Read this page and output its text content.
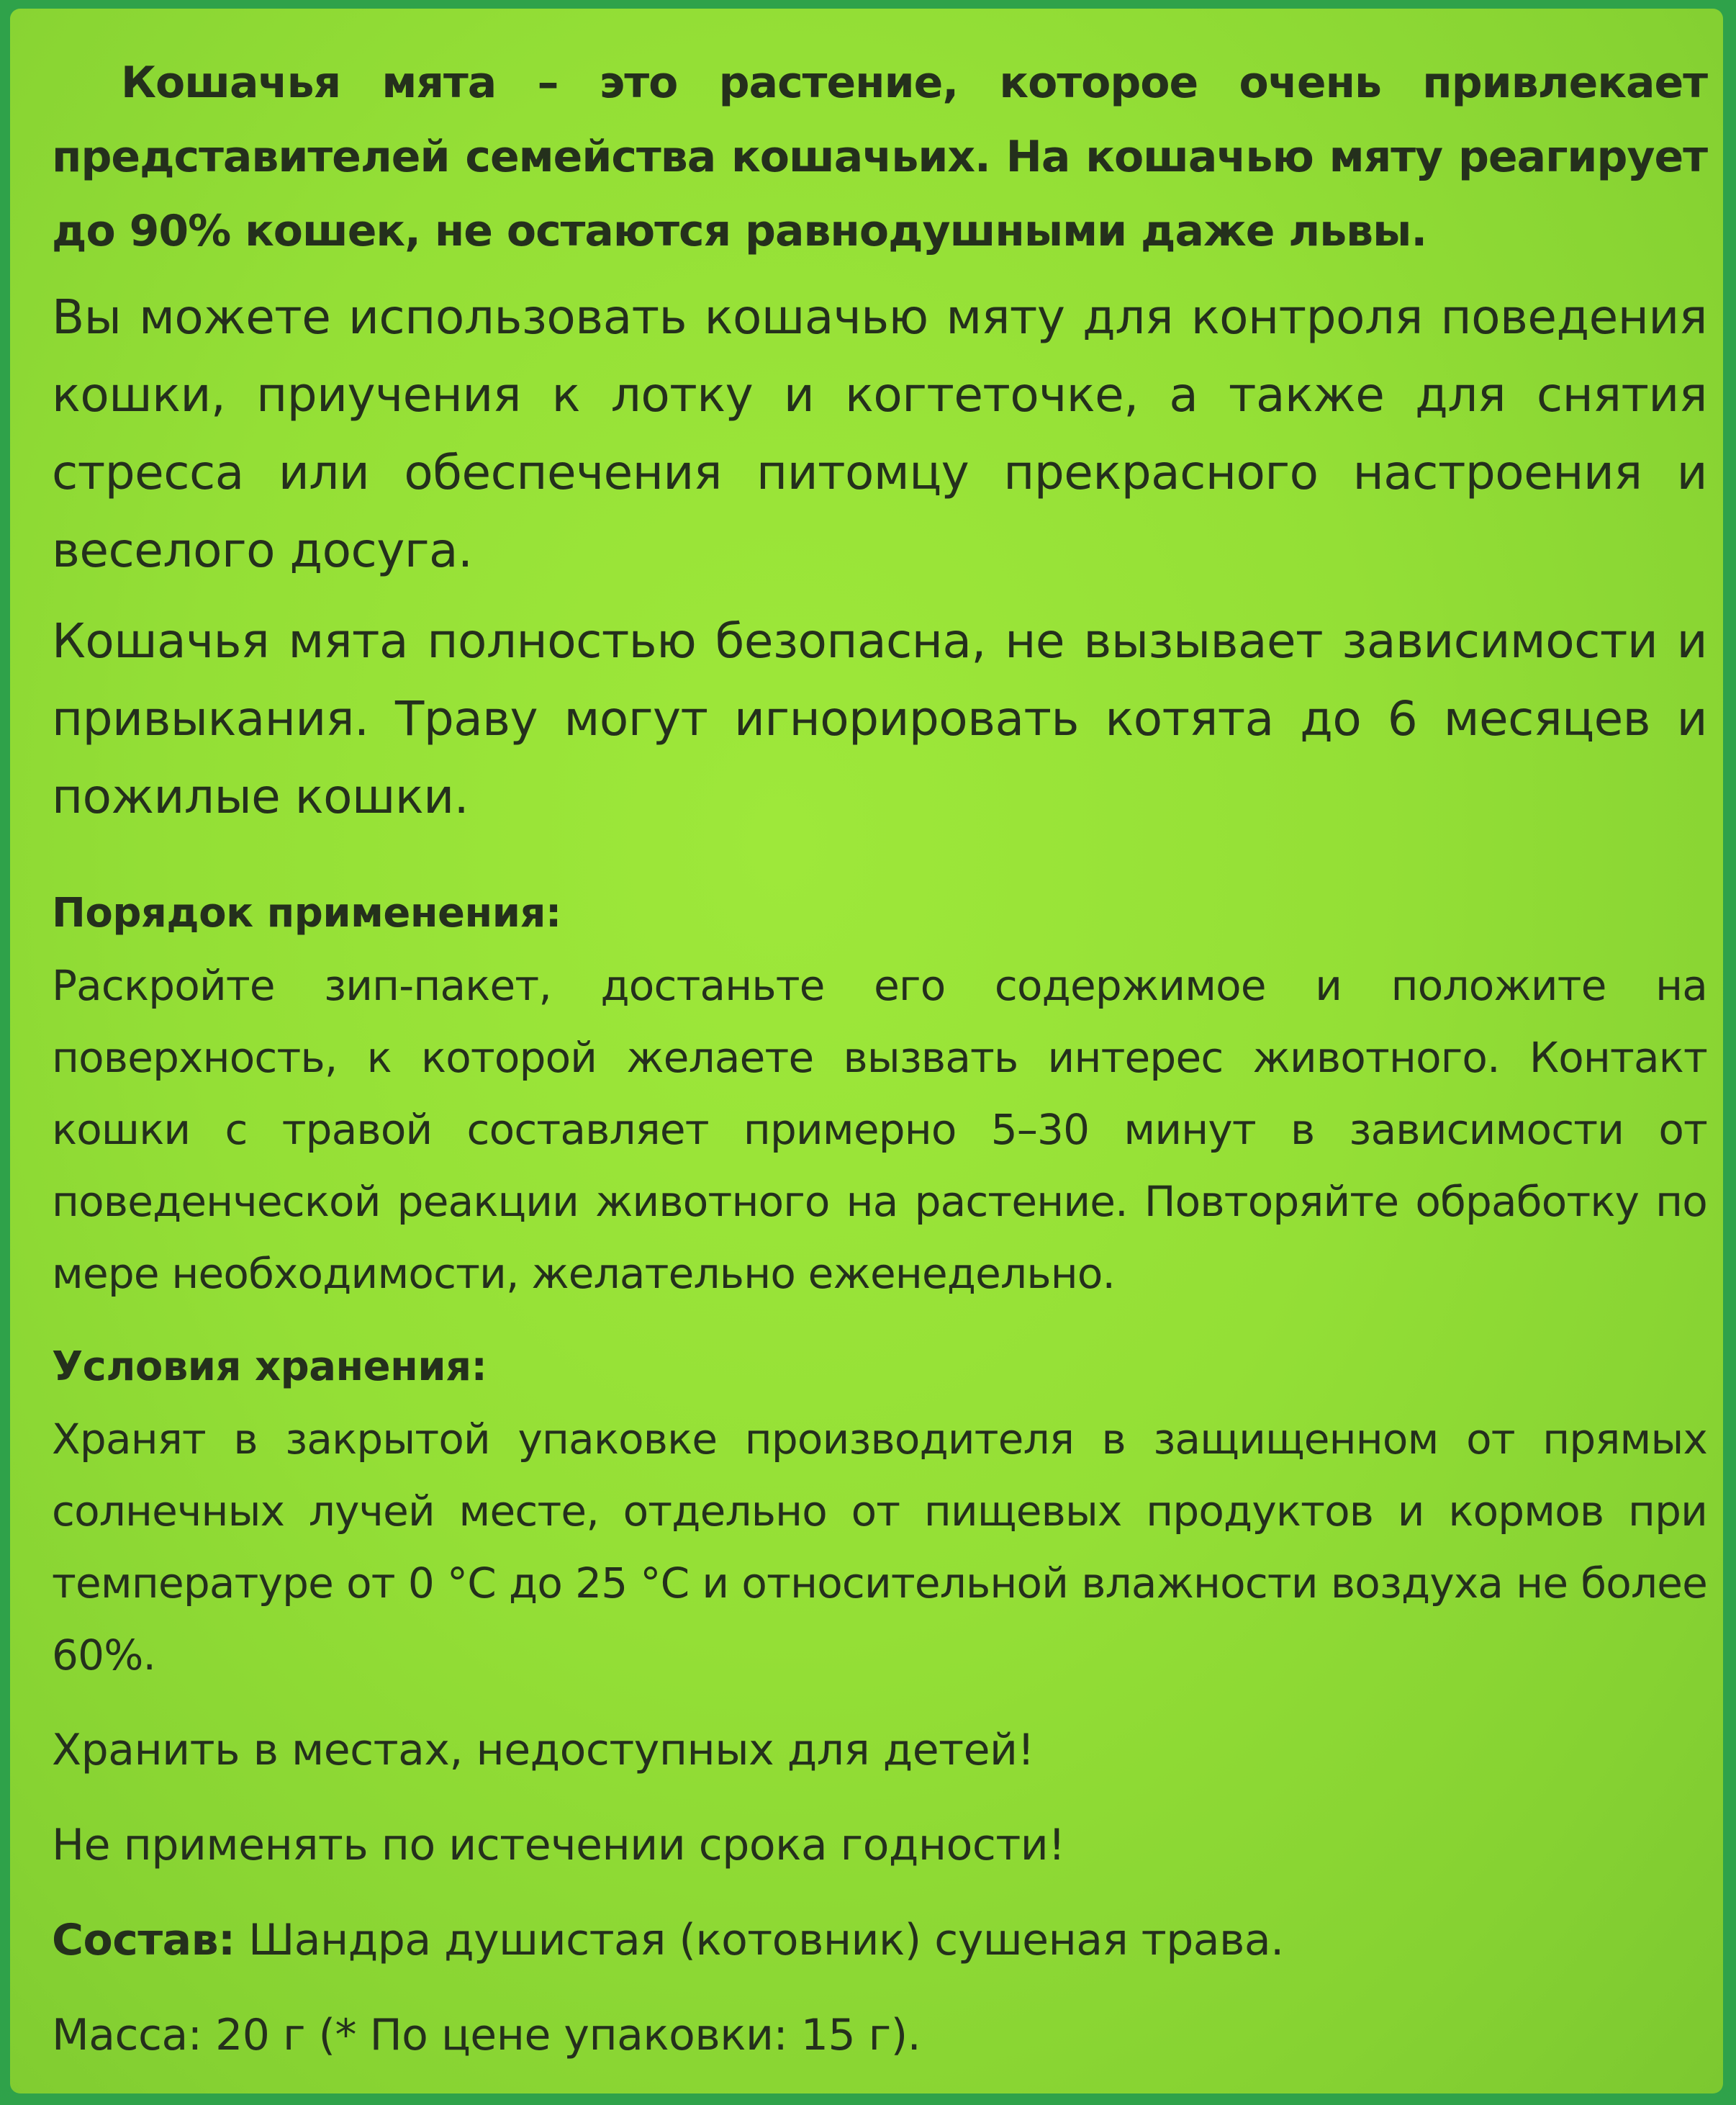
Кошачья мята – это растение, которое очень привлекает представителей семейства кошачьих. На кошачью мяту реагирует до 90% кошек, не остаются равнодушными даже львы.

Вы можете использовать кошачью мяту для контроля поведения кошки, приучения к лотку и когтеточке, а также для снятия стресса или обеспечения питомцу прекрасного настроения и веселого досуга.

Кошачья мята полностью безопасна, не вызывает зависимости и привыкания. Траву могут игнорировать котята до 6 месяцев и пожилые кошки.

Порядок применения:

Раскройте зип-пакет, достаньте его содержимое и положите на поверхность, к которой желаете вызвать интерес животного. Контакт кошки с травой составляет примерно 5–30 минут в зависимости от поведенческой реакции животного на растение. Повторяйте обработку по мере необходимости, желательно еженедельно.

Условия хранения:

Хранят в закрытой упаковке производителя в защищенном от прямых солнечных лучей месте, отдельно от пищевых продуктов и кормов при температуре от 0 °С до 25 °С и относительной влажности воздуха не более 60%.

Хранить в местах, недоступных для детей!

Не применять по истечении срока годности!

Состав: Шандра душистая (котовник) сушеная трава.

Масса: 20 г (* По цене упаковки: 15 г).
